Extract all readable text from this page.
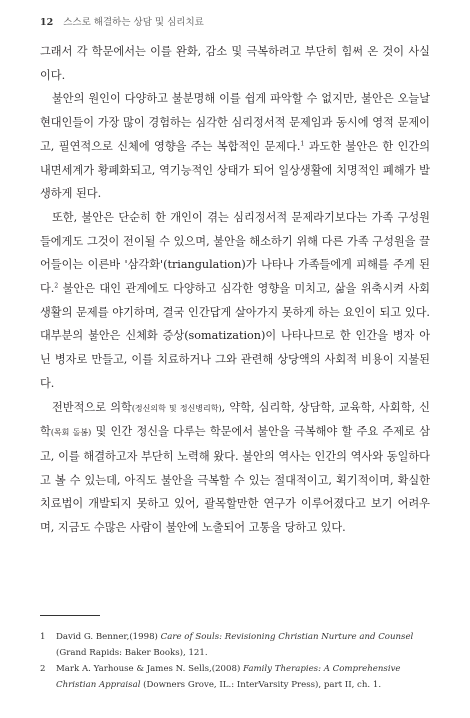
12 스스로 해결하는 상담 및 심리치료

그래서 각 학문에서는 이를 완화, 감소 및 극복하려고 부단히 힘써 온 것이 사실이다.

불안의 원인이 다양하고 불분명해 이를 쉽게 파악할 수 없지만, 불안은 오늘날 현대인들이 가장 많이 경험하는 심각한 심리정서적 문제임과 동시에 영적 문제이고, 필연적으로 신체에 영향을 주는 복합적인 문제다.$^1$ 과도한 불안은 한 인간의 내면세계가 황폐화되고, 역기능적인 상태가 되어 일상생활에 치명적인 폐해가 발생하게 된다.

또한, 불안은 단순히 한 개인이 겪는 심리정서적 문제라기보다는 가족 구성원들에게도 그것이 전이될 수 있으며, 불안을 해소하기 위해 다른 가족 구성원을 끌어들이는 이른바 '삼각화'(triangulation)가 나타나 가족들에게 피해를 주게 된다.$^2$ 불안은 대인 관계에도 다양하고 심각한 영향을 미치고, 삶을 위축시켜 사회생활의 문제를 야기하며, 결국 인간답게 살아가지 못하게 하는 요인이 되고 있다. 대부분의 불안은 신체화 증상(somatization)이 나타나므로 한 인간을 병자 아닌 병자로 만들고, 이를 치료하거나 그와 관련해 상당액의 사회적 비용이 지불된다.

전반적으로 의학(정신의학 및 정신병리학), 약학, 심리학, 상담학, 교육학, 사회학, 신학(목회 돌봄) 및 인간 정신을 다루는 학문에서 불안을 극복해야 할 주요 주제로 삼고, 이를 해결하고자 부단히 노력해 왔다. 불안의 역사는 인간의 역사와 동일하다고 볼 수 있는데, 아직도 불안을 극복할 수 있는 절대적이고, 획기적이며, 확실한 치료법이 개발되지 못하고 있어, 괄목할만한 연구가 이루어졌다고 보기 어려우며, 지금도 수많은 사람이 불안에 노출되어 고통을 당하고 있다.

1	David G. Benner,(1998) Care of Souls: Revisioning Christian Nurture and Counsel (Grand Rapids: Baker Books), 121.
2	Mark A. Yarhouse & James N. Sells,(2008) Family Therapies: A Comprehensive Christian Appraisal (Downers Grove, IL.: InterVarsity Press), part II, ch. 1.
